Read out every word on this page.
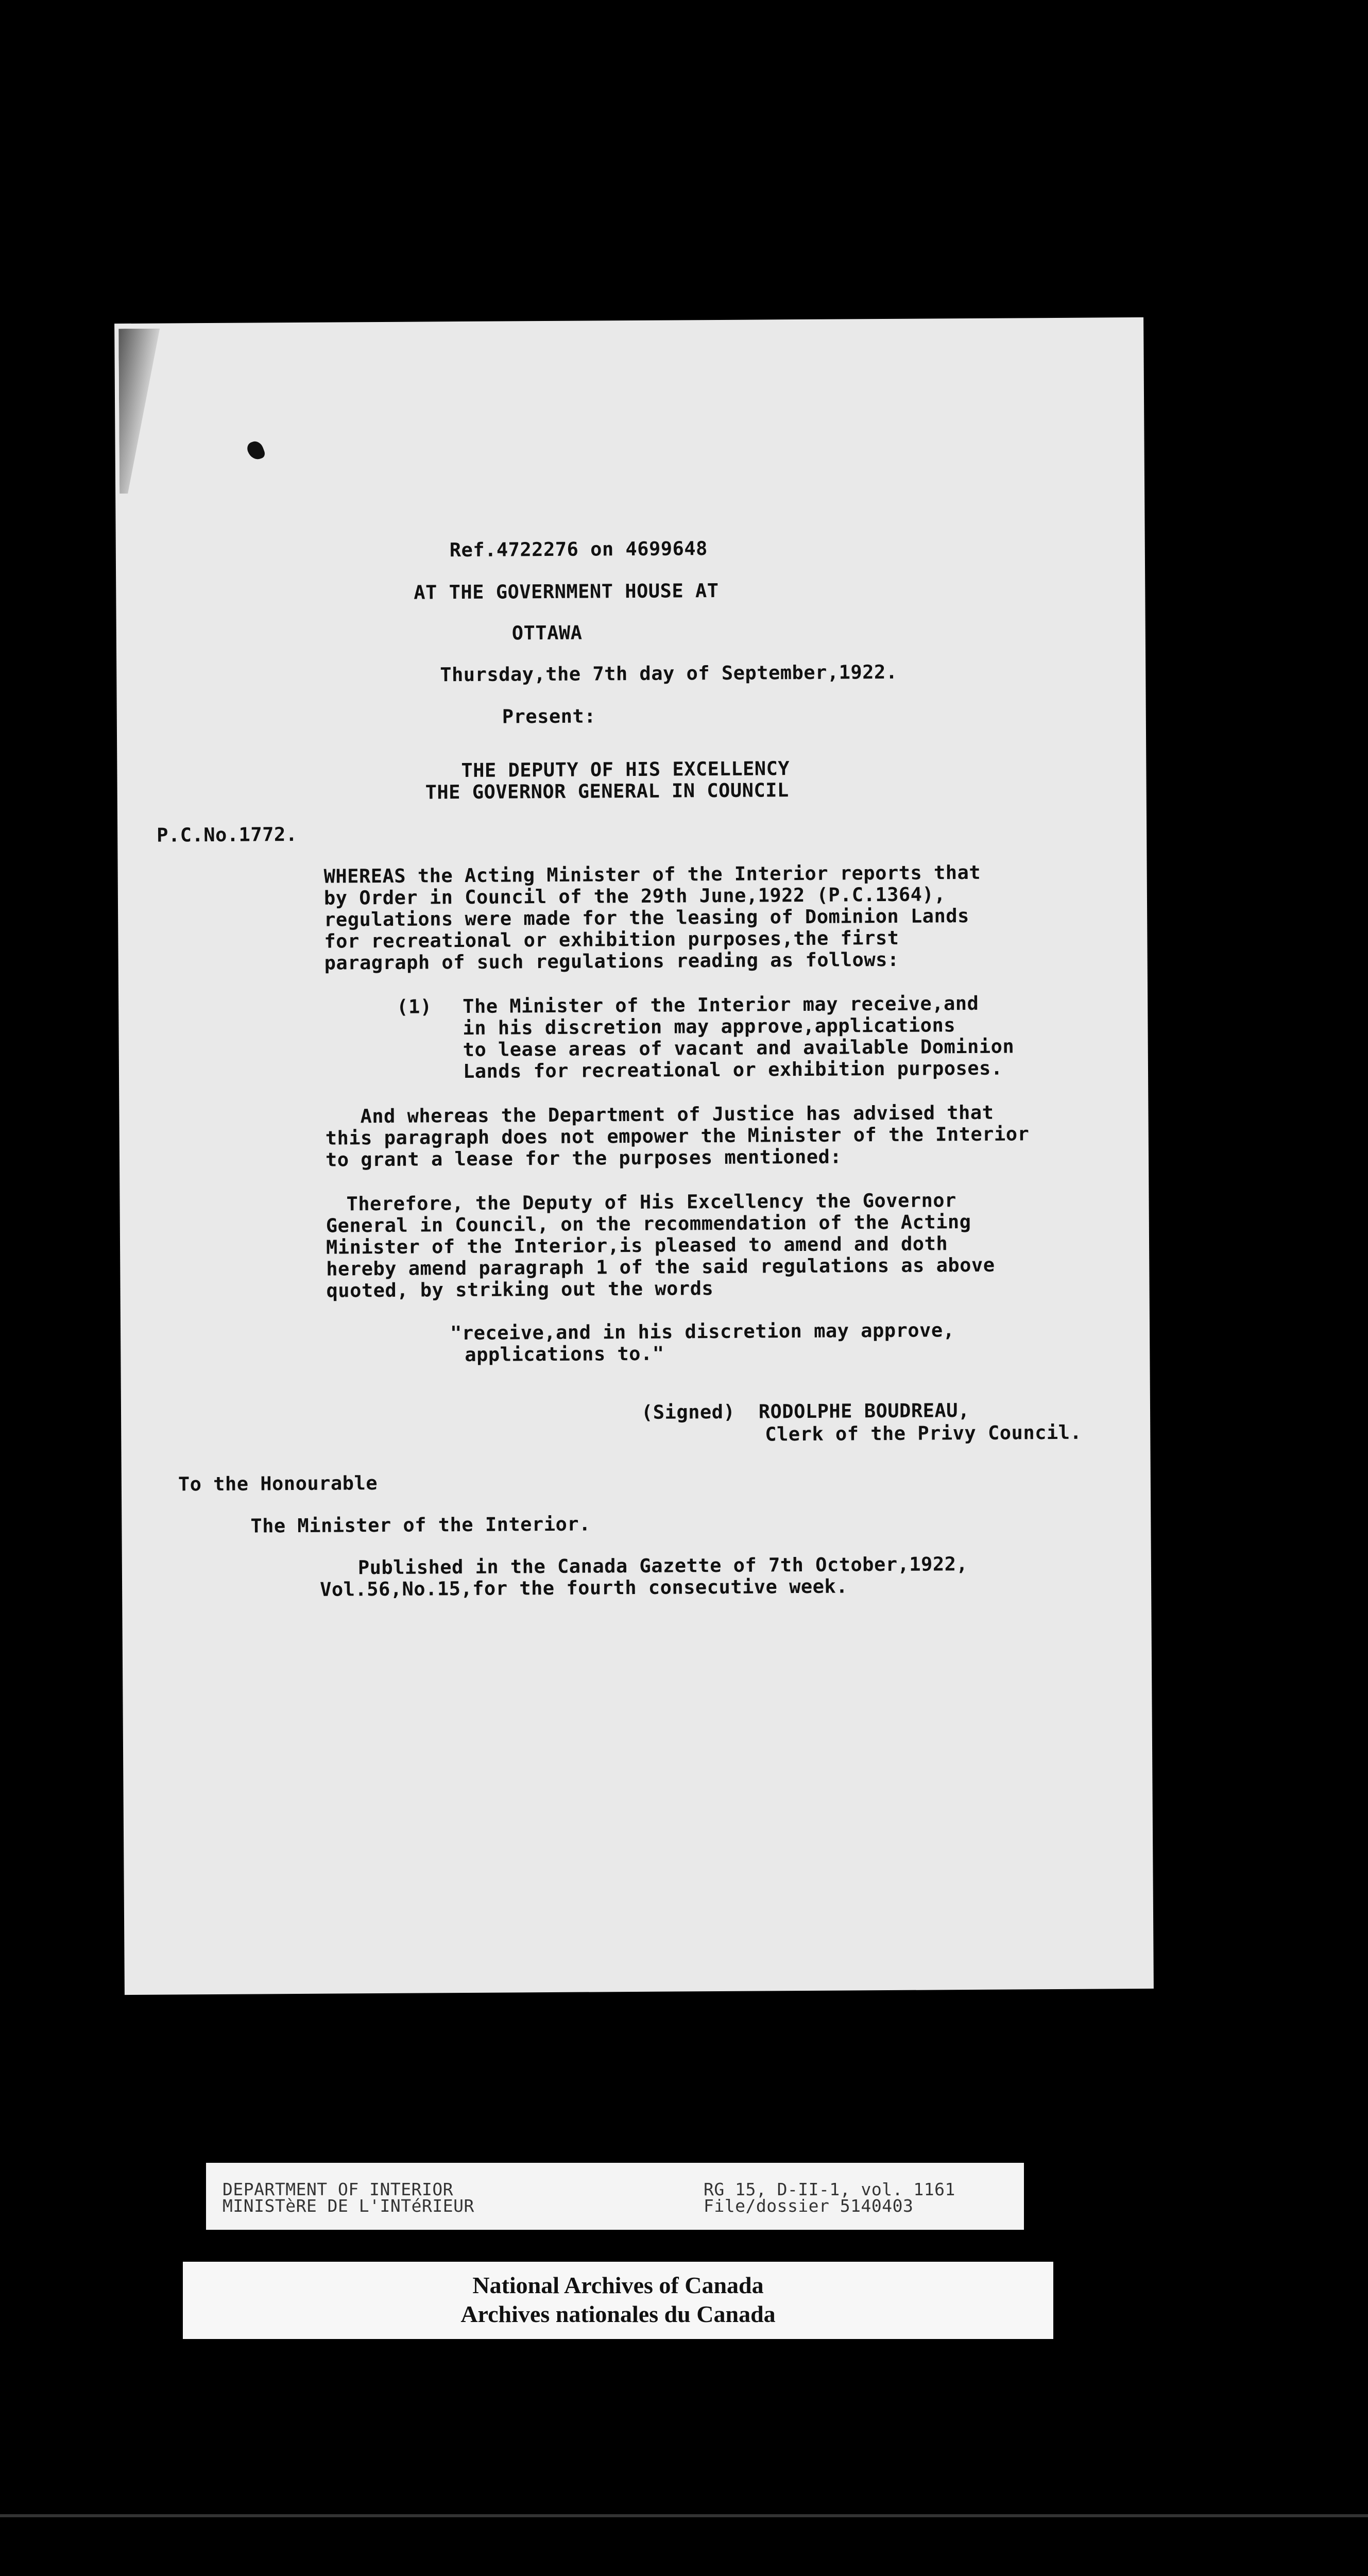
Ref.4722276 on 4699648
AT THE GOVERNMENT HOUSE AT
OTTAWA
Thursday,the 7th day of September,1922.
Present:
THE DEPUTY OF HIS EXCELLENCY
THE GOVERNOR GENERAL IN COUNCIL
P.C.No.1772.
WHEREAS the Acting Minister of the Interior reports that
by Order in Council of the 29th June,1922 (P.C.1364),
regulations were made for the leasing of Dominion Lands
for recreational or exhibition purposes,the first
paragraph of such regulations reading as follows:
(1) The Minister of the Interior may receive,and
in his discretion may approve,applications
to lease areas of vacant and available Dominion
Lands for recreational or exhibition purposes.
And whereas the Department of Justice has advised that
this paragraph does not empower the Minister of the Interior
to grant a lease for the purposes mentioned:
Therefore, the Deputy of His Excellency the Governor
General in Council, on the recommendation of the Acting
Minister of the Interior,is pleased to amend and doth
hereby amend paragraph 1 of the said regulations as above
quoted, by striking out the words
"receive,and in his discretion may approve,
applications to."
(Signed)  RODOLPHE BOUDREAU,
Clerk of the Privy Council.
To the Honourable
The Minister of the Interior.
Published in the Canada Gazette of 7th October,1922,
Vol.56,No.15,for the fourth consecutive week.
DEPARTMENT OF INTERIOR
MINISTèRE DE L'INTéRIEUR
RG 15, D-II-1, vol. 1161
File/dossier 5140403
National Archives of Canada
Archives nationales du Canada
